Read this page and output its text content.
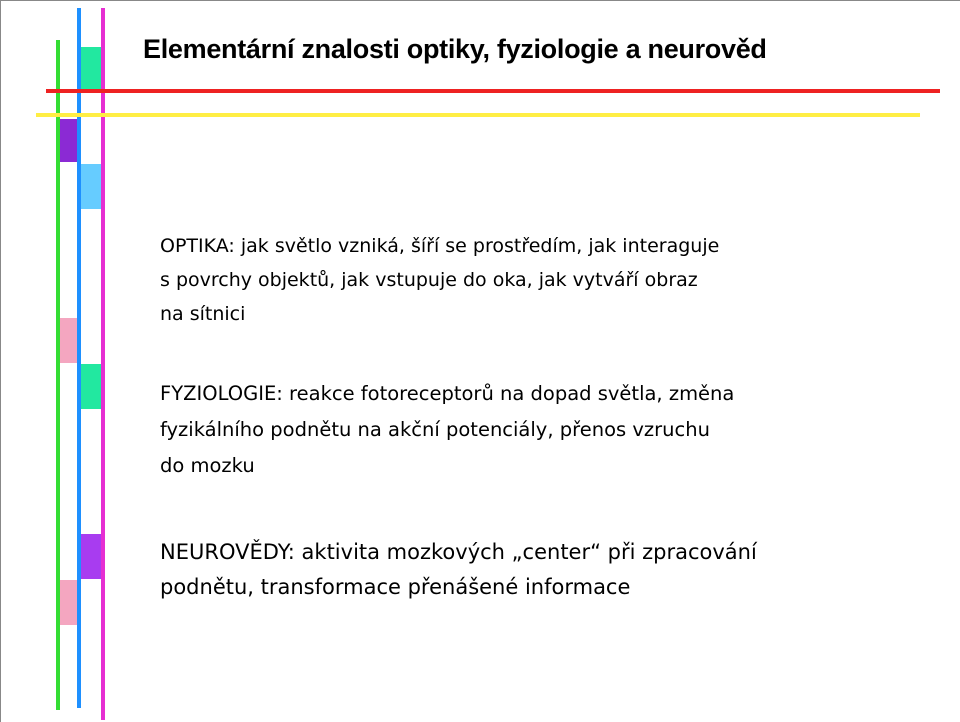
Elementární znalosti optiky, fyziologie a neurověd

OPTIKA: jak světlo vzniká, šíří se prostředím, jak interaguje
s povrchy objektů, jak vstupuje do oka, jak vytváří obraz
na sítnici

FYZIOLOGIE: reakce fotoreceptorů na dopad světla, změna
fyzikálního podnětu na akční potenciály, přenos vzruchu
do mozku

NEUROVĚDY: aktivita mozkových „center“ při zpracování
podnětu, transformace přenášené informace
